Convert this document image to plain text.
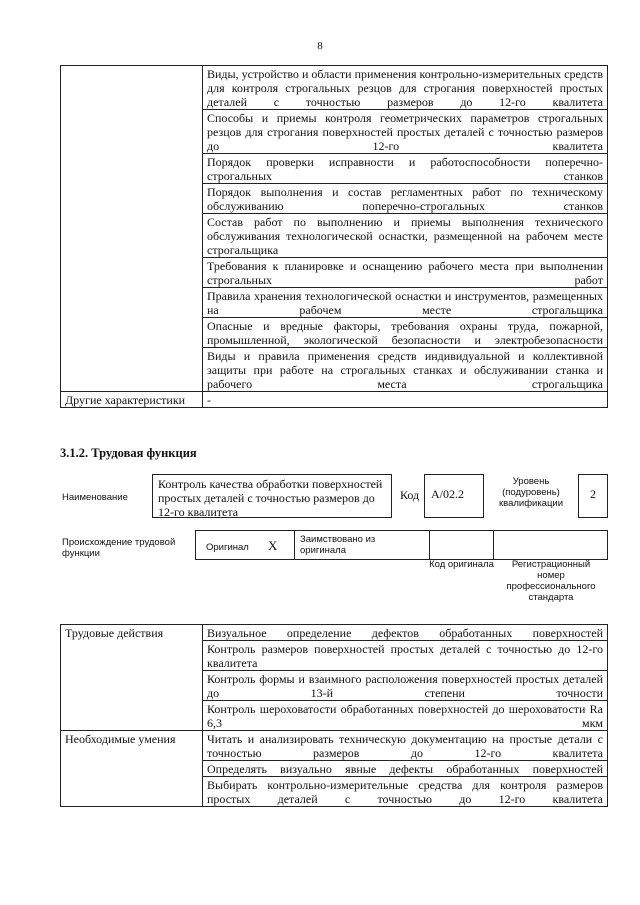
8
	Виды, устройство и области применения контрольно-измерительных средств для контроля строгальных резцов для строгания поверхностей простых деталей с точностью размеров до 12-го квалитета
	Способы и приемы контроля геометрических параметров строгальных резцов для строгания поверхностей простых деталей с точностью размеров до 12-го квалитета
	Порядок проверки исправности и работоспособности поперечно-строгальных станков
	Порядок выполнения и состав регламентных работ по техническому обслуживанию поперечно-строгальных станков
	Состав работ по выполнению и приемы выполнения технического обслуживания технологической оснастки, размещенной на рабочем месте строгальщика
	Требования к планировке и оснащению рабочего места при выполнении строгальных работ
	Правила хранения технологической оснастки и инструментов, размещенных на рабочем месте строгальщика
	Опасные и вредные факторы, требования охраны труда, пожарной, промышленной, экологической безопасности и электробезопасности
	Виды и правила применения средств индивидуальной и коллективной защиты при работе на строгальных станках и обслуживании станка и рабочего места строгальщика
Другие характеристики	-
3.1.2. Трудовая функция
Наименование
Контроль качества обработки поверхностей простых деталей с точностью размеров до 12-го квалитета
Код А/02.2
Уровень (подуровень) квалификации
2
Происхождение трудовой функции
Оригинал X Заимствовано из оригинала
Код оригинала	Регистрационный номер профессионального стандарта
Трудовые действия	Визуальное определение дефектов обработанных поверхностей
	Контроль размеров поверхностей простых деталей с точностью до 12-го квалитета
	Контроль формы и взаимного расположения поверхностей простых деталей до 13-й степени точности
	Контроль шероховатости обработанных поверхностей до шероховатости Ra 6,3 мкм
Необходимые умения	Читать и анализировать техническую документацию на простые детали с точностью размеров до 12-го квалитета
	Определять визуально явные дефекты обработанных поверхностей
	Выбирать контрольно-измерительные средства для контроля размеров простых деталей с точностью до 12-го квалитета
